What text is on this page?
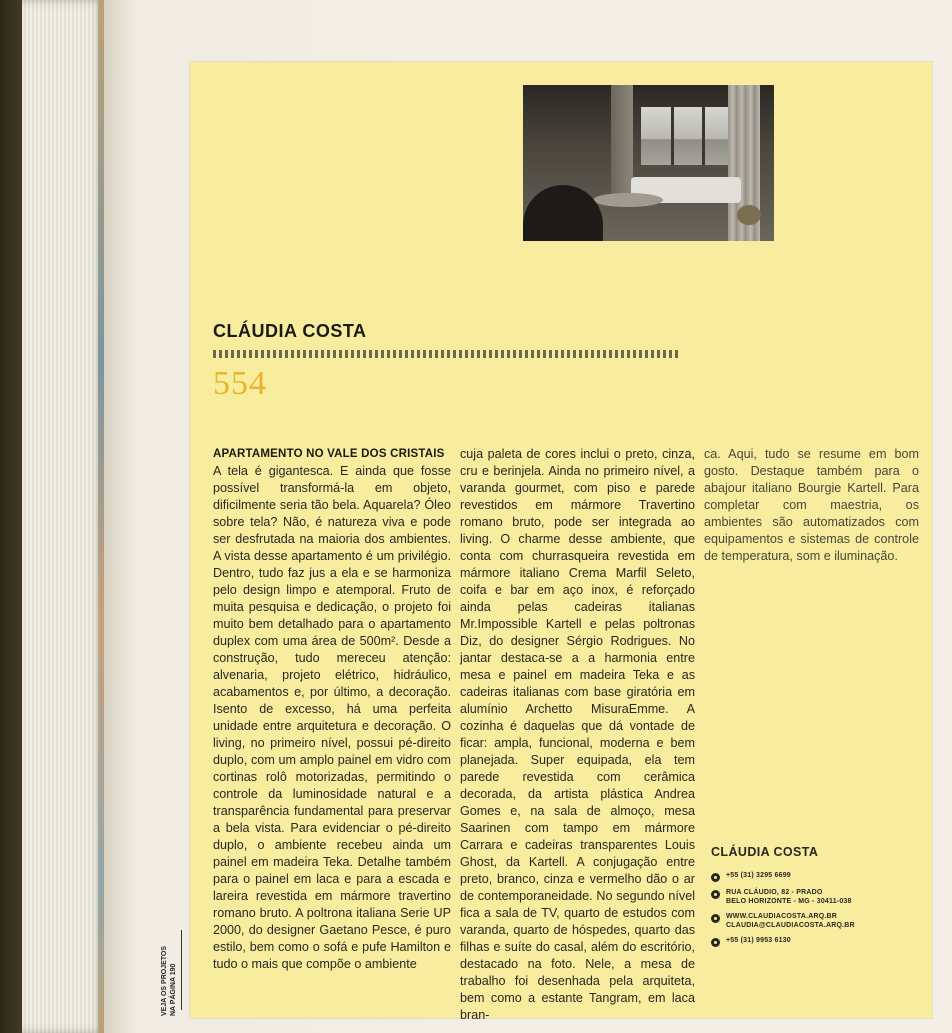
CLÁUDIA COSTA
554
APARTAMENTO NO VALE DOS CRISTAIS

A tela é gigantesca. E ainda que fosse possível transformá-la em objeto, dificilmente seria tão bela. Aquarela? Óleo sobre tela? Não, é natureza viva e pode ser desfrutada na maioria dos ambientes. A vista desse apartamento é um privilégio. Dentro, tudo faz jus a ela e se harmoniza pelo design limpo e atemporal. Fruto de muita pesquisa e dedicação, o projeto foi muito bem detalhado para o apartamento duplex com uma área de 500m². Desde a construção, tudo mereceu atenção: alvenaria, projeto elétrico, hidráulico, acabamentos e, por último, a decoração. Isento de excesso, há uma perfeita unidade entre arquitetura e decoração. O living, no primeiro nível, possui pé-direito duplo, com um amplo painel em vidro com cortinas rolô motorizadas, permitindo o controle da luminosidade natural e a transparência fundamental para preservar a bela vista. Para evidenciar o pé-direito duplo, o ambiente recebeu ainda um painel em madeira Teka. Detalhe também para o painel em laca e para a escada e lareira revestida em mármore travertino romano bruto. A poltrona italiana Serie UP 2000, do designer Gaetano Pesce, é puro estilo, bem como o sofá e pufe Hamilton e tudo o mais que compõe o ambiente

cuja paleta de cores inclui o preto, cinza, cru e berinjela. Ainda no primeiro nível, a varanda gourmet, com piso e parede revestidos em mármore Travertino romano bruto, pode ser integrada ao living. O charme desse ambiente, que conta com churrasqueira revestida em mármore italiano Crema Marfil Seleto, coifa e bar em aço inox, é reforçado ainda pelas cadeiras italianas Mr.Impossible Kartell e pelas poltronas Diz, do designer Sérgio Rodrigues. No jantar destaca-se a a harmonia entre mesa e painel em madeira Teka e as cadeiras italianas com base giratória em alumínio Archetto MisuraEmme. A cozinha é daquelas que dá vontade de ficar: ampla, funcional, moderna e bem planejada. Super equipada, ela tem parede revestida com cerâmica decorada, da artista plástica Andrea Gomes e, na sala de almoço, mesa Saarinen com tampo em mármore Carrara e cadeiras transparentes Louis Ghost, da Kartell. A conjugação entre preto, branco, cinza e vermelho dão o ar de contemporaneidade. No segundo nível fica a sala de TV, quarto de estudos com varanda, quarto de hóspedes, quarto das filhas e suíte do casal, além do escritório, destacado na foto. Nele, a mesa de trabalho foi desenhada pela arquiteta, bem como a estante Tangram, em laca bran-

ca. Aqui, tudo se resume em bom gosto. Destaque também para o abajour italiano Bourgie Kartell. Para completar com maestria, os ambientes são automatizados com equipamentos e sistemas de controle de temperatura, som e iluminação.

CLÁUDIA COSTA
+55 (31) 3295 6699
RUA CLÁUDIO, 82 - PRADO
BELO HORIZONTE - MG - 30411-038
WWW.CLAUDIACOSTA.ARQ.BR
CLAUDIA@CLAUDIACOSTA.ARQ.BR
+55 (31) 9953 6130
VEJA OS PROJETOS NA PÁGINA 190
